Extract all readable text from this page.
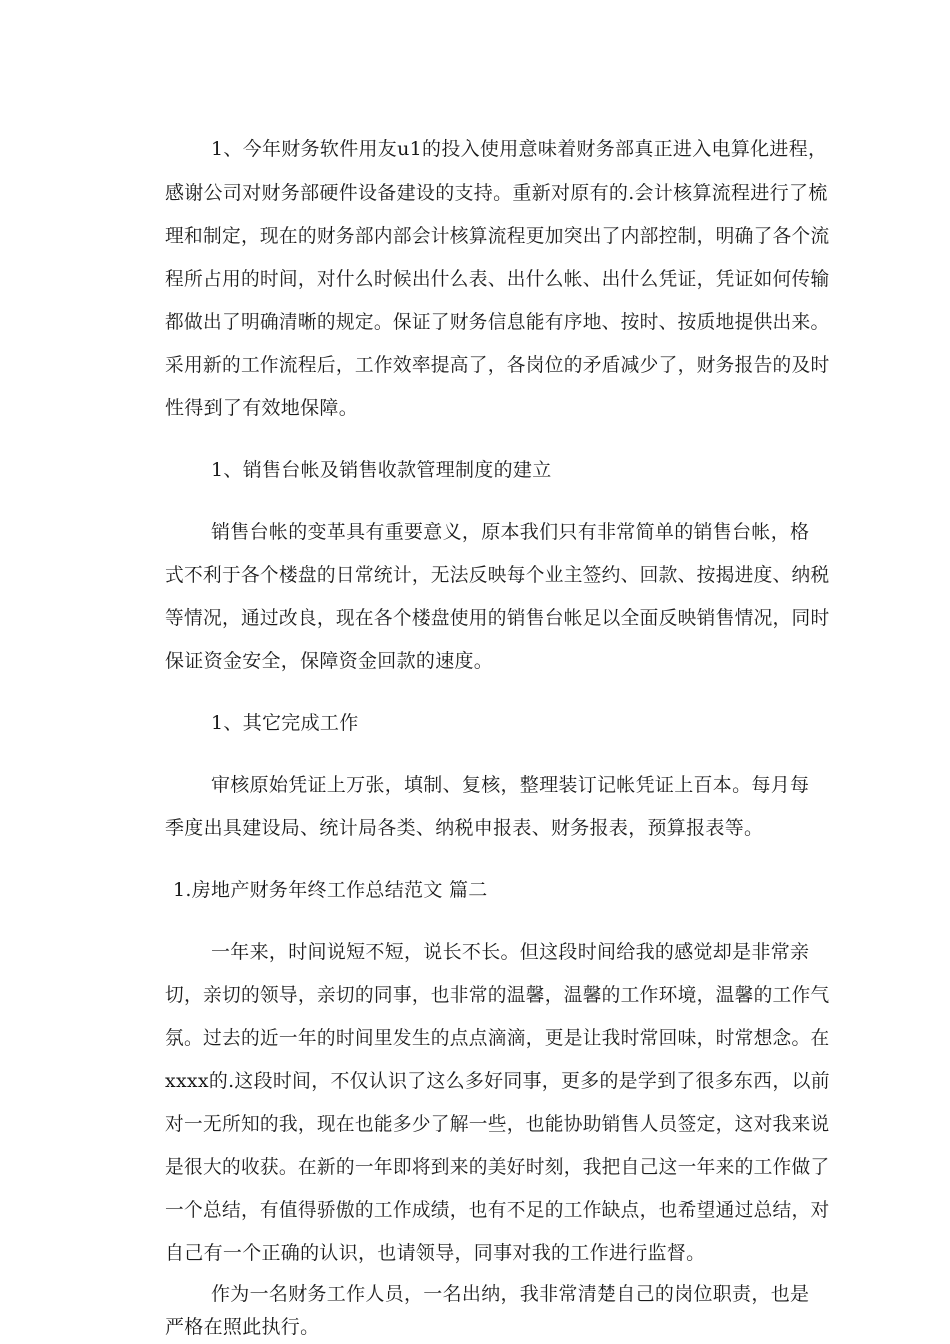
1、今年财务软件用友u1的投入使用意味着财务部真正进入电算化进程，
感谢公司对财务部硬件设备建设的支持。重新对原有的.会计核算流程进行了梳
理和制定，现在的财务部内部会计核算流程更加突出了内部控制，明确了各个流
程所占用的时间，对什么时候出什么表、出什么帐、出什么凭证，凭证如何传输
都做出了明确清晰的规定。保证了财务信息能有序地、按时、按质地提供出来。
采用新的工作流程后，工作效率提高了，各岗位的矛盾减少了，财务报告的及时
性得到了有效地保障。
1、销售台帐及销售收款管理制度的建立
销售台帐的变革具有重要意义，原本我们只有非常简单的销售台帐，格
式不利于各个楼盘的日常统计，无法反映每个业主签约、回款、按揭进度、纳税
等情况，通过改良，现在各个楼盘使用的销售台帐足以全面反映销售情况，同时
保证资金安全，保障资金回款的速度。
1、其它完成工作
审核原始凭证上万张，填制、复核，整理装订记帐凭证上百本。每月每
季度出具建设局、统计局各类、纳税申报表、财务报表，预算报表等。
1.房地产财务年终工作总结范文 篇二
一年来，时间说短不短，说长不长。但这段时间给我的感觉却是非常亲
切，亲切的领导，亲切的同事，也非常的温馨，温馨的工作环境，温馨的工作气
氛。过去的近一年的时间里发生的点点滴滴，更是让我时常回味，时常想念。在
xxxx的.这段时间，不仅认识了这么多好同事，更多的是学到了很多东西，以前
对一无所知的我，现在也能多少了解一些，也能协助销售人员签定，这对我来说
是很大的收获。在新的一年即将到来的美好时刻，我把自己这一年来的工作做了
一个总结，有值得骄傲的工作成绩，也有不足的工作缺点，也希望通过总结，对
自己有一个正确的认识，也请领导，同事对我的工作进行监督。
作为一名财务工作人员，一名出纳，我非常清楚自己的岗位职责，也是
严格在照此执行。
